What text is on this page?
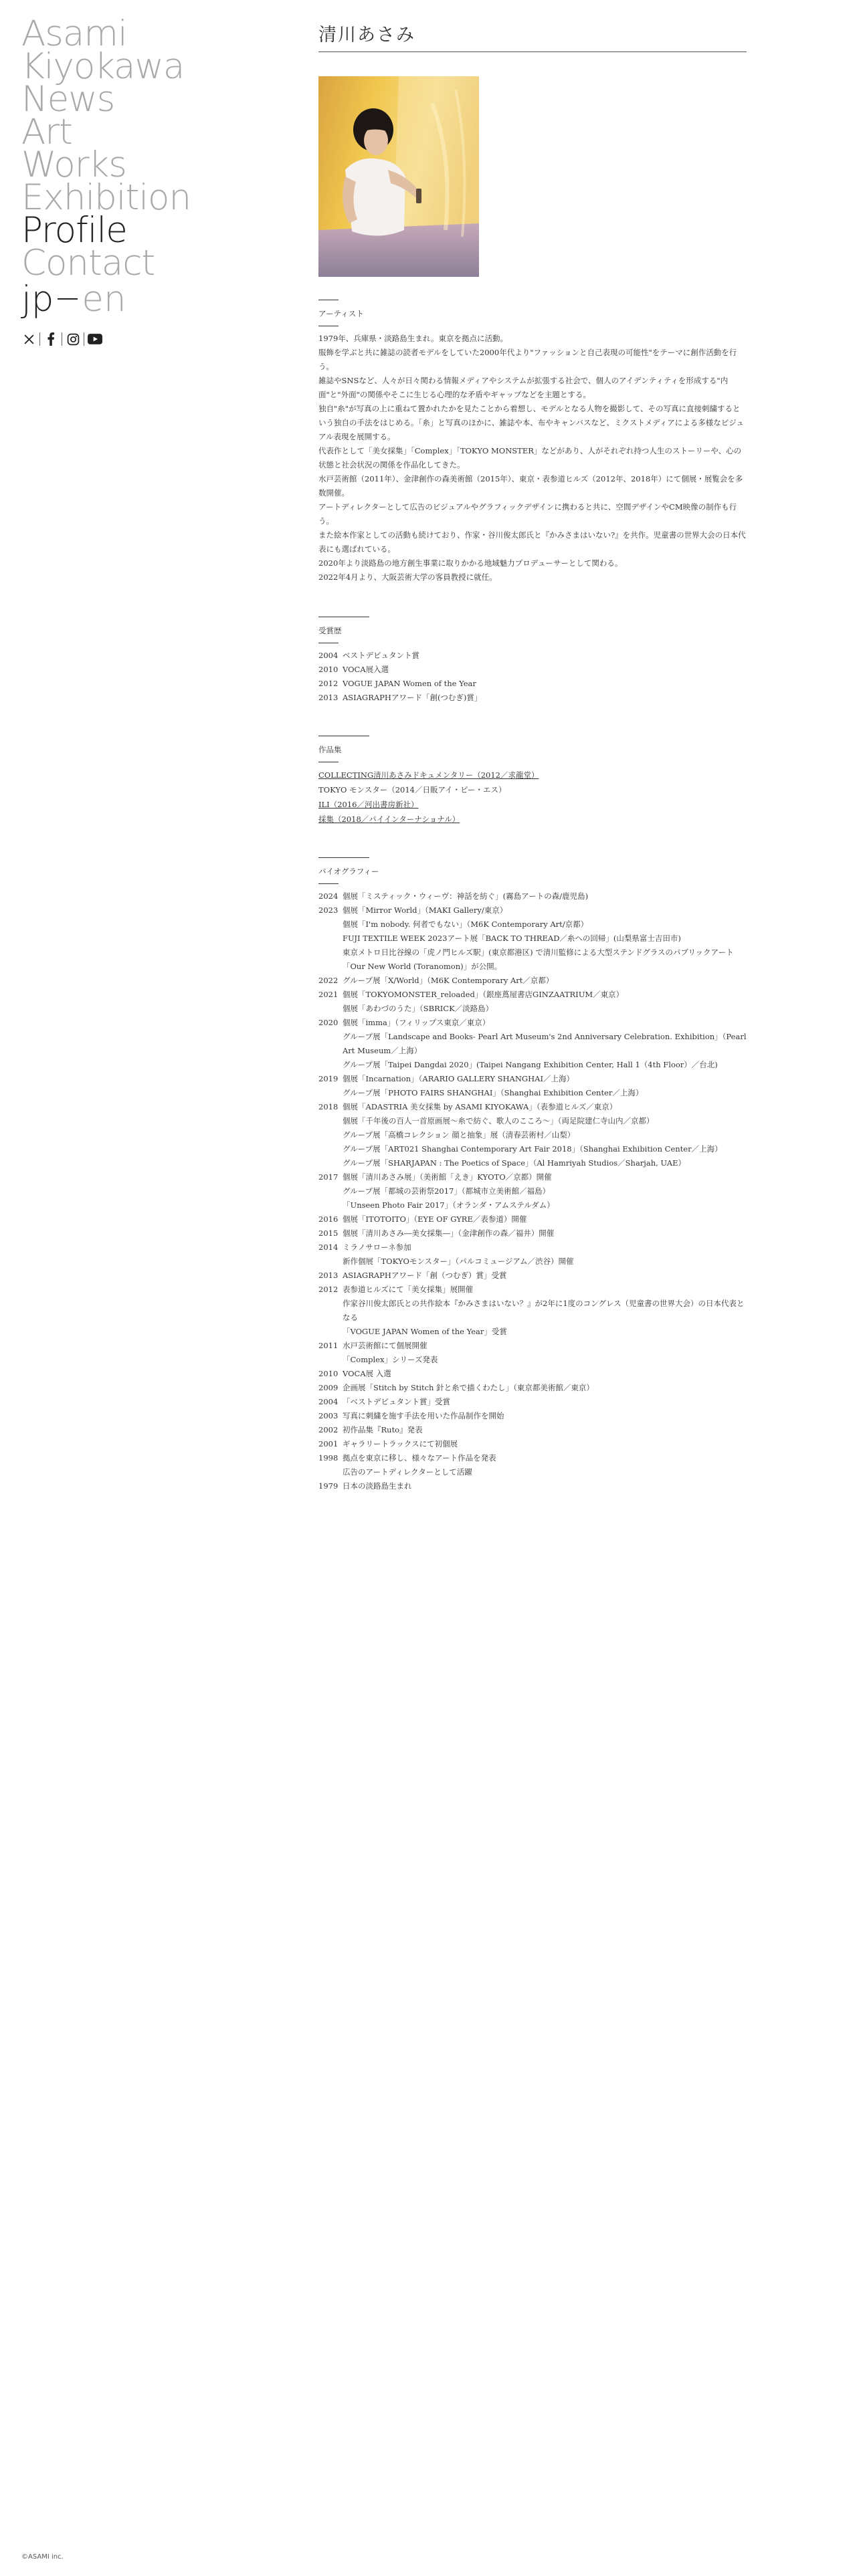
Asami
Kiyokawa
News
Art
Works
Exhibition
Profile
Contact
jp en
清川あさみ
アーティスト

1979年、兵庫県・淡路島生まれ。東京を拠点に活動。

服飾を学ぶと共に雑誌の読者モデルをしていた2000年代より"ファッションと自己表現の可能性"をテーマに創作活動を行う。

雑誌やSNSなど、人々が日々関わる情報メディアやシステムが拡張する社会で、個人のアイデンティティを形成する"内面"と"外面"の関係やそこに生じる心理的な矛盾やギャップなどを主題とする。

独自"糸"が写真の上に重ねて置かれたかを見たことから着想し、モデルとなる人物を撮影して、その写真に直接刺繍するという独自の手法をはじめる。「糸」と写真のほかに、雑誌や本、布やキャンバスなど、ミクストメディアによる多様なビジュアル表現を展開する。

代表作として「美女採集」「Complex」「TOKYO MONSTER」などがあり、人がそれぞれ持つ人生のストーリーや、心の状態と社会状況の関係を作品化してきた。

水戸芸術館（2011年）、金津創作の森美術館（2015年）、東京・表参道ヒルズ（2012年、2018年）にて個展・展覧会を多数開催。

アートディレクターとして広告のビジュアルやグラフィックデザインに携わると共に、空間デザインやCM映像の制作も行う。

また絵本作家としての活動も続けており、作家・谷川俊太郎氏と『かみさまはいない?』を共作。児童書の世界大会の日本代表にも選ばれている。

2020年より淡路島の地方創生事業に取りかかる地域魅力プロデューサーとして関わる。

2022年4月より、大阪芸術大学の客員教授に就任。

受賞歴
2004 ベストデビュタント賞
2010 VOCA展入選
2012 VOGUE JAPAN Women of the Year
2013 ASIAGRAPHアワード「創(つむぎ)賞」
作品集
COLLECTING清川あさみドキュメンタリー（2012／求龍堂）
TOKYO モンスター（2014／日販アイ・ピー・エス）
ILI（2016／河出書房新社）
採集（2018／パイインターナショナル）
バイオグラフィー
2024 個展「ミスティック・ウィーヴ：神話を紡ぐ」(霧島アートの森/鹿児島)
2023 個展「Mirror World」（MAKI Gallery/東京）
個展「I'm nobody. 何者でもない」（M6K Contemporary Art/京都）
FUJI TEXTILE WEEK 2023アート展「BACK TO THREAD／糸への回帰」(山梨県富士吉田市)
東京メトロ日比谷線の「虎ノ門ヒルズ駅」(東京都港区) で清川監修による大型ステンドグラスのパブリックアート「Our New World (Toranomon)」が公開。
2022 グループ展「X/World」（M6K Contemporary Art／京都）
2021 個展「TOKYOMONSTER_reloaded」（銀座蔦屋書店GINZAATRIUM／東京）
個展「あわづのうた」（SBRICK／淡路島）
2020 個展「imma」（フィリップス東京／東京）
グループ展「Landscape and Books- Pearl Art Museum's 2nd Anniversary Celebration. Exhibition」（Pearl Art Museum／上海）
グループ展「Taipei Dangdai 2020」(Taipei Nangang Exhibition Center, Hall 1（4th Floor）／台北)
2019 個展「Incarnation」（ARARIO GALLERY SHANGHAI／上海）
グループ展「PHOTO FAIRS SHANGHAI」（Shanghai Exhibition Center／上海）
2018 個展「ADASTRIA 美女採集 by ASAMI KIYOKAWA」（表参道ヒルズ／東京）
個展「千年後の百人一首原画展〜糸で紡ぐ、歌人のこころ〜」（両足院建仁寺山内／京都）
グループ展「高橋コレクション 顔と抽象」展（清春芸術村／山梨）
グループ展「ART021 Shanghai Contemporary Art Fair 2018」（Shanghai Exhibition Center／上海）
グループ展「SHARJAPAN : The Poetics of Space」（Al Hamriyah Studios／Sharjah, UAE）
2017 個展「清川あさみ展」（美術館「えき」KYOTO／京都）開催
グループ展「都城の芸術祭2017」（都城市立美術館／福島）
「Unseen Photo Fair 2017」（オランダ・アムステルダム）
2016 個展「ITOTOITO」（EYE OF GYRE／表参道）開催
2015 個展「清川あさみ―美女採集―」（金津創作の森／福井）開催
2014 ミラノサローネ参加
新作個展「TOKYOモンスター」（パルコミュージアム／渋谷）開催
2013 ASIAGRAPHアワード「創（つむぎ）賞」受賞
2012 表参道ヒルズにて「美女採集」展開催
作家谷川俊太郎氏との共作絵本『かみさまはいない？』が2年に1度のコングレス（児童書の世界大会）の日本代表となる
「VOGUE JAPAN Women of the Year」受賞
2011 水戸芸術館にて個展開催
「Complex」シリーズ発表
2010 VOCA展 入選
2009 企画展「Stitch by Stitch 針と糸で描くわたし」（東京都美術館／東京）
2004 「ベストデビュタント賞」受賞
2003 写真に刺繍を施す手法を用いた作品制作を開始
2002 初作品集『Ruto』発表
2001 ギャラリートラックスにて初個展
1998 拠点を東京に移し、様々なアート作品を発表
広告のアートディレクターとして活躍
1979 日本の淡路島生まれ
©ASAMI inc.
